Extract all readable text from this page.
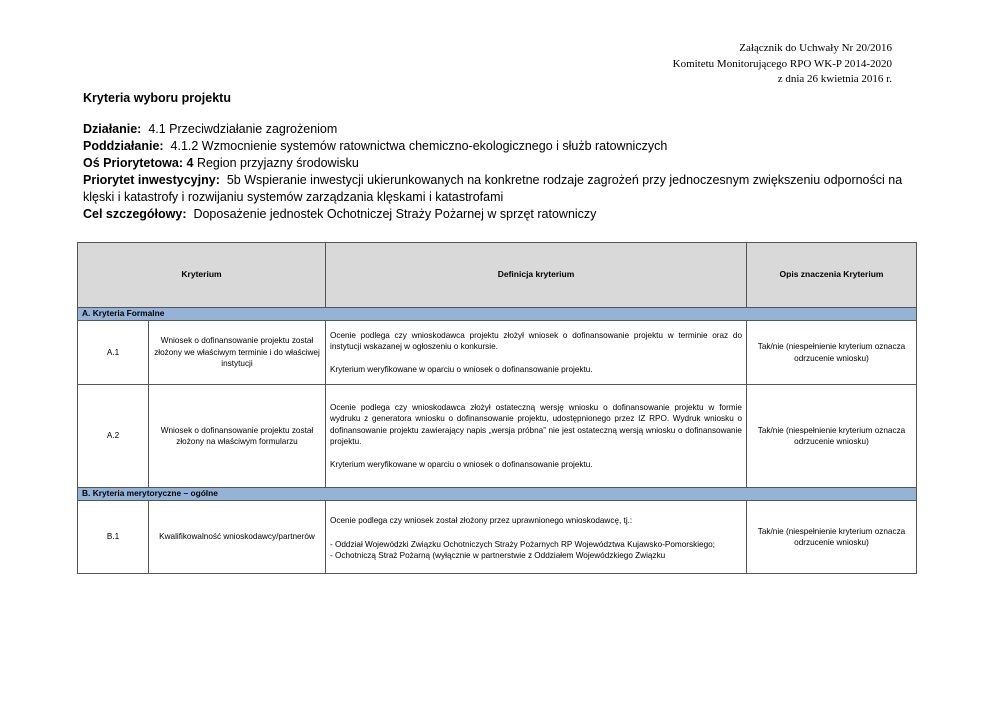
Załącznik do Uchwały Nr 20/2016
Komitetu Monitorującego RPO WK-P 2014-2020
z dnia 26 kwietnia 2016 r.
Kryteria wyboru projektu

Działanie: 4.1 Przeciwdziałanie zagrożeniom

Poddziałanie: 4.1.2 Wzmocnienie systemów ratownictwa chemiczno-ekologicznego i służb ratowniczych

Oś Priorytetowa: 4 Region przyjazny środowisku

Priorytet inwestycyjny: 5b Wspieranie inwestycji ukierunkowanych na konkretne rodzaje zagrożeń przy jednoczesnym zwiększeniu odporności na klęski i katastrofy i rozwijaniu systemów zarządzania klęskami i katastrofami

Cel szczegółowy: Doposażenie jednostek Ochotniczej Straży Pożarnej w sprzęt ratowniczy

Kryterium		Definicja kryterium	Opis znaczenia Kryterium
A. Kryteria Formalne			
A.1	Wniosek o dofinansowanie projektu został złożony we właściwym terminie i do właściwej instytucji	Ocenie podlega czy wnioskodawca projektu złożył wniosek o dofinansowanie projektu w terminie oraz do instytucji wskazanej w ogłoszeniu o konkursie.

Kryterium weryfikowane w oparciu o wniosek o dofinansowanie projektu.	Tak/nie (niespełnienie kryterium oznacza odrzucenie wniosku)
A.2	Wniosek o dofinansowanie projektu został złożony na właściwym formularzu	Ocenie podlega czy wnioskodawca złożył ostateczną wersję wniosku o dofinansowanie projektu w formie wydruku z generatora wniosku o dofinansowanie projektu, udostępnionego przez IZ RPO. Wydruk wniosku o dofinansowanie projektu zawierający napis „wersja próbna” nie jest ostateczną wersją wniosku o dofinansowanie projektu.

Kryterium weryfikowane w oparciu o wniosek o dofinansowanie projektu.	Tak/nie (niespełnienie kryterium oznacza odrzucenie wniosku)
B. Kryteria merytoryczne – ogólne			
B.1	Kwalifikowalność wnioskodawcy/partnerów	Ocenie podlega czy wniosek został złożony przez uprawnionego wnioskodawcę, tj.:

- Oddział Wojewódzki Związku Ochotniczych Straży Pożarnych RP Województwa Kujawsko-Pomorskiego;

- Ochotniczą Straż Pożarną (wyłącznie w partnerstwie z Oddziałem Wojewódzkiego Związku	Tak/nie (niespełnienie kryterium oznacza odrzucenie wniosku)
